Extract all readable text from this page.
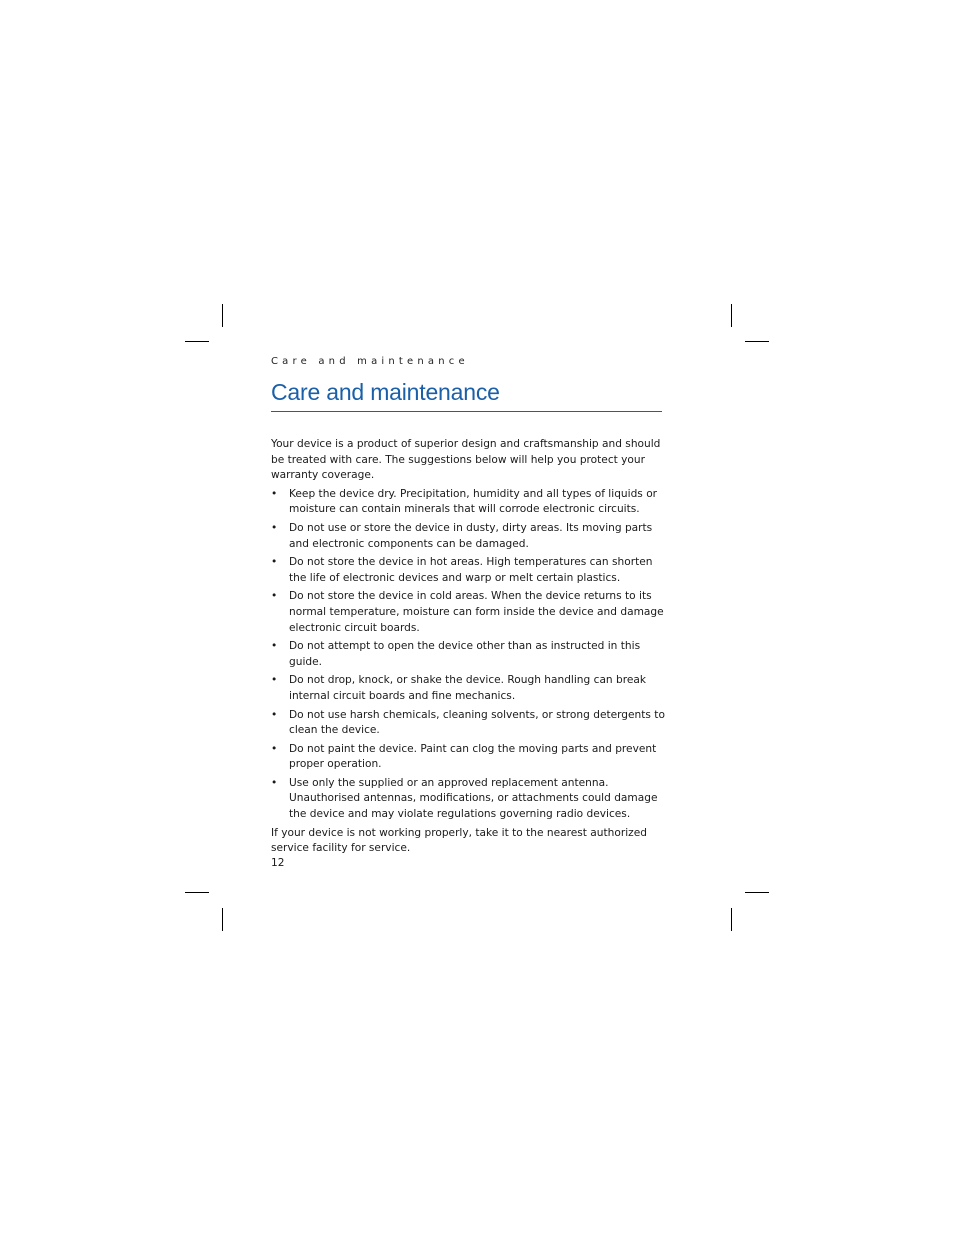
Care and maintenance
Care and maintenance

Your device is a product of superior design and craftsmanship and should be treated with care. The suggestions below will help you protect your warranty coverage.

• Keep the device dry. Precipitation, humidity and all types of liquids or moisture can contain minerals that will corrode electronic circuits.
• Do not use or store the device in dusty, dirty areas. Its moving parts and electronic components can be damaged.
• Do not store the device in hot areas. High temperatures can shorten the life of electronic devices and warp or melt certain plastics.
• Do not store the device in cold areas. When the device returns to its normal temperature, moisture can form inside the device and damage electronic circuit boards.
• Do not attempt to open the device other than as instructed in this guide.
• Do not drop, knock, or shake the device. Rough handling can break internal circuit boards and fine mechanics.
• Do not use harsh chemicals, cleaning solvents, or strong detergents to clean the device.
• Do not paint the device. Paint can clog the moving parts and prevent proper operation.
• Use only the supplied or an approved replacement antenna. Unauthorised antennas, modifications, or attachments could damage the device and may violate regulations governing radio devices.

If your device is not working properly, take it to the nearest authorized service facility for service.

12
